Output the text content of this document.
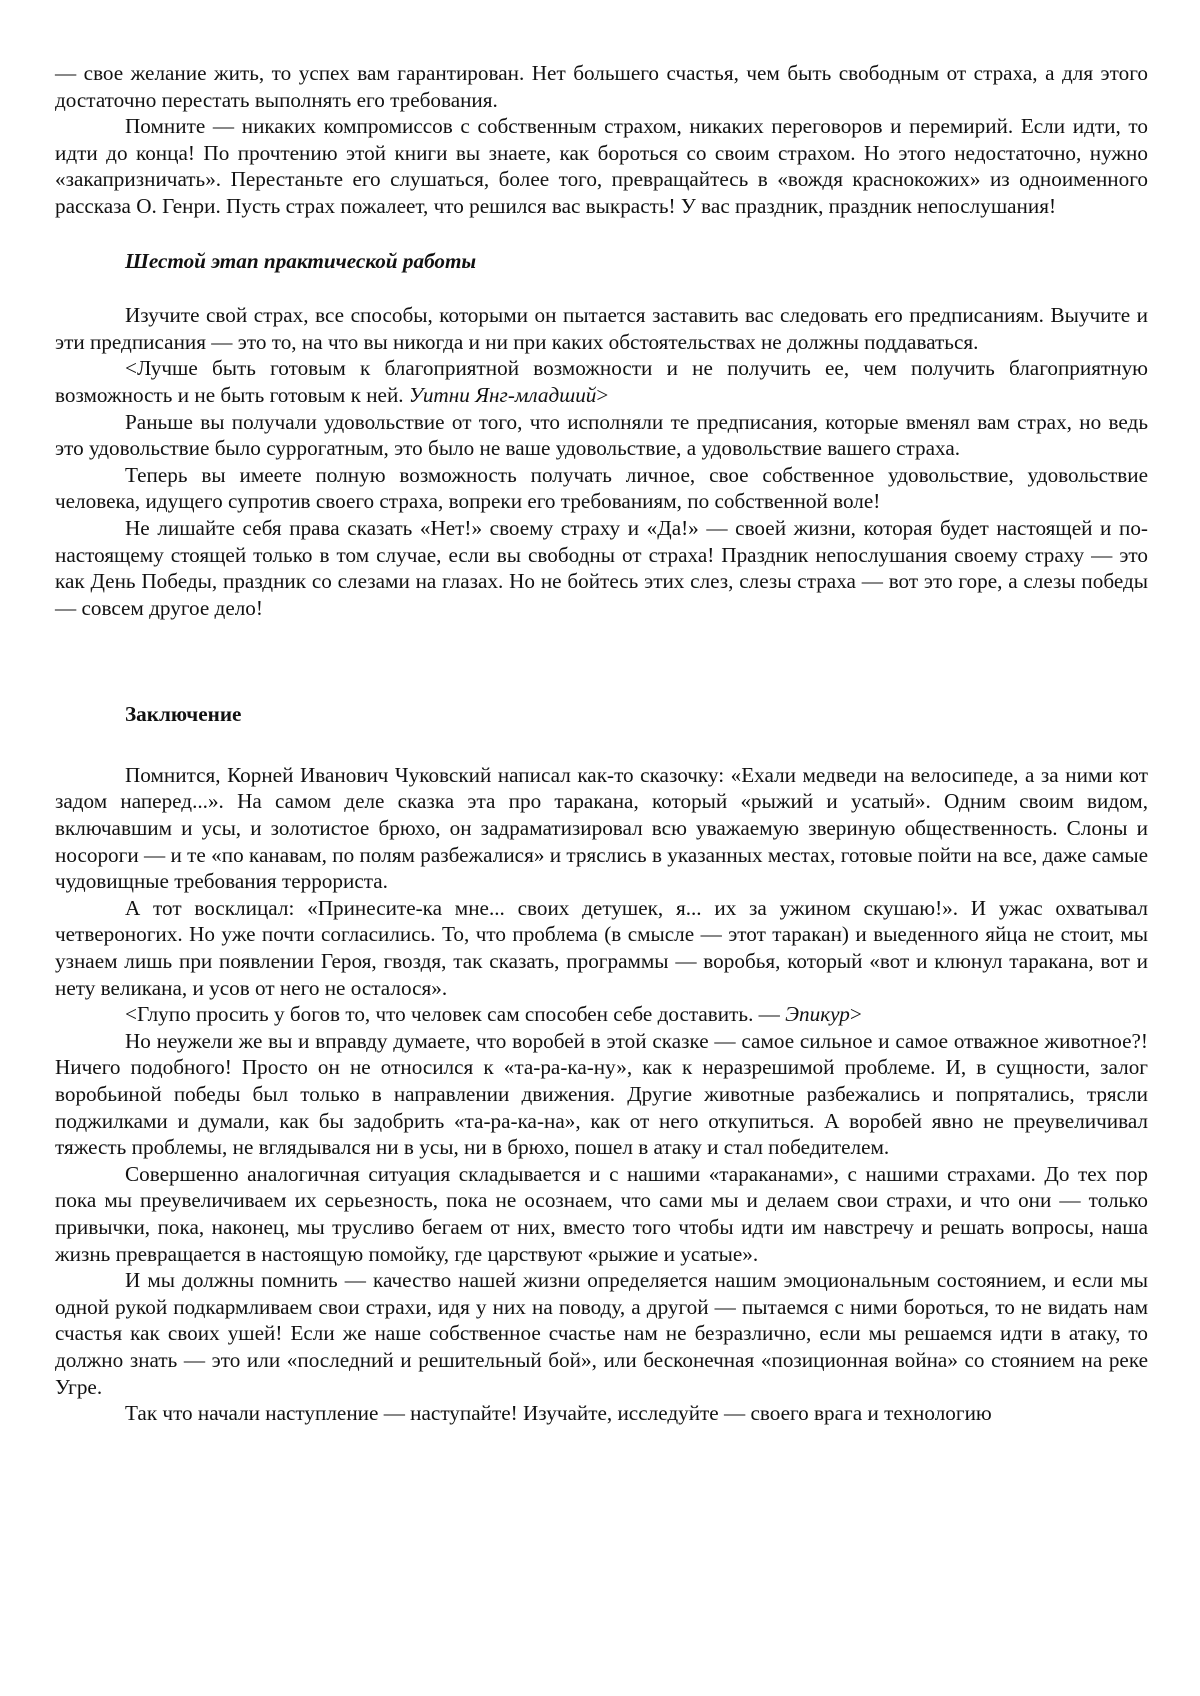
— свое желание жить, то успех вам гарантирован. Нет большего счастья, чем быть свободным от страха, а для этого достаточно перестать выполнять его требования.

Помните — никаких компромиссов с собственным страхом, никаких переговоров и перемирий. Если идти, то идти до конца! По прочтению этой книги вы знаете, как бороться со своим страхом. Но этого недостаточно, нужно «закапризничать». Перестаньте его слушаться, более того, превращайтесь в «вождя краснокожих» из одноименного рассказа О. Генри. Пусть страх пожалеет, что решился вас выкрасть! У вас праздник, праздник непослушания!

Шестой этап практической работы

Изучите свой страх, все способы, которыми он пытается заставить вас следовать его предписаниям. Выучите и эти предписания — это то, на что вы никогда и ни при каких обстоятельствах не должны поддаваться.

<Лучше быть готовым к благоприятной возможности и не получить ее, чем получить благоприятную возможность и не быть готовым к ней. Уитни Янг-младший>

Раньше вы получали удовольствие от того, что исполняли те предписания, которые вменял вам страх, но ведь это удовольствие было суррогатным, это было не ваше удовольствие, а удовольствие вашего страха.

Теперь вы имеете полную возможность получать личное, свое собственное удовольствие, удовольствие человека, идущего супротив своего страха, вопреки его требованиям, по собственной воле!

Не лишайте себя права сказать «Нет!» своему страху и «Да!» — своей жизни, которая будет настоящей и по-настоящему стоящей только в том случае, если вы свободны от страха! Праздник непослушания своему страху — это как День Победы, праздник со слезами на глазах. Но не бойтесь этих слез, слезы страха — вот это горе, а слезы победы — совсем другое дело!

Заключение

Помнится, Корней Иванович Чуковский написал как-то сказочку: «Ехали медведи на велосипеде, а за ними кот задом наперед...». На самом деле сказка эта про таракана, который «рыжий и усатый». Одним своим видом, включавшим и усы, и золотистое брюхо, он задраматизировал всю уважаемую звериную общественность. Слоны и носороги — и те «по канавам, по полям разбежалися» и тряслись в указанных местах, готовые пойти на все, даже самые чудовищные требования террориста.

А тот восклицал: «Принесите-ка мне... своих детушек, я... их за ужином скушаю!». И ужас охватывал четвероногих. Но уже почти согласились. То, что проблема (в смысле — этот таракан) и выеденного яйца не стоит, мы узнаем лишь при появлении Героя, гвоздя, так сказать, программы — воробья, который «вот и клюнул таракана, вот и нету великана, и усов от него не осталося».

<Глупо просить у богов то, что человек сам способен себе доставить. — Эпикур>

Но неужели же вы и вправду думаете, что воробей в этой сказке — самое сильное и самое отважное животное?! Ничего подобного! Просто он не относился к «та-ра-ка-ну», как к неразрешимой проблеме. И, в сущности, залог воробьиной победы был только в направлении движения. Другие животные разбежались и попрятались, трясли поджилками и думали, как бы задобрить «та-ра-ка-на», как от него откупиться. А воробей явно не преувеличивал тяжесть проблемы, не вглядывался ни в усы, ни в брюхо, пошел в атаку и стал победителем.

Совершенно аналогичная ситуация складывается и с нашими «тараканами», с нашими страхами. До тех пор пока мы преувеличиваем их серьезность, пока не осознаем, что сами мы и делаем свои страхи, и что они — только привычки, пока, наконец, мы трусливо бегаем от них, вместо того чтобы идти им навстречу и решать вопросы, наша жизнь превращается в настоящую помойку, где царствуют «рыжие и усатые».

И мы должны помнить — качество нашей жизни определяется нашим эмоциональным состоянием, и если мы одной рукой подкармливаем свои страхи, идя у них на поводу, а другой — пытаемся с ними бороться, то не видать нам счастья как своих ушей! Если же наше собственное счастье нам не безразлично, если мы решаемся идти в атаку, то должно знать — это или «последний и решительный бой», или бесконечная «позиционная война» со стоянием на реке Угре.

Так что начали наступление — наступайте! Изучайте, исследуйте — своего врага и технологию
